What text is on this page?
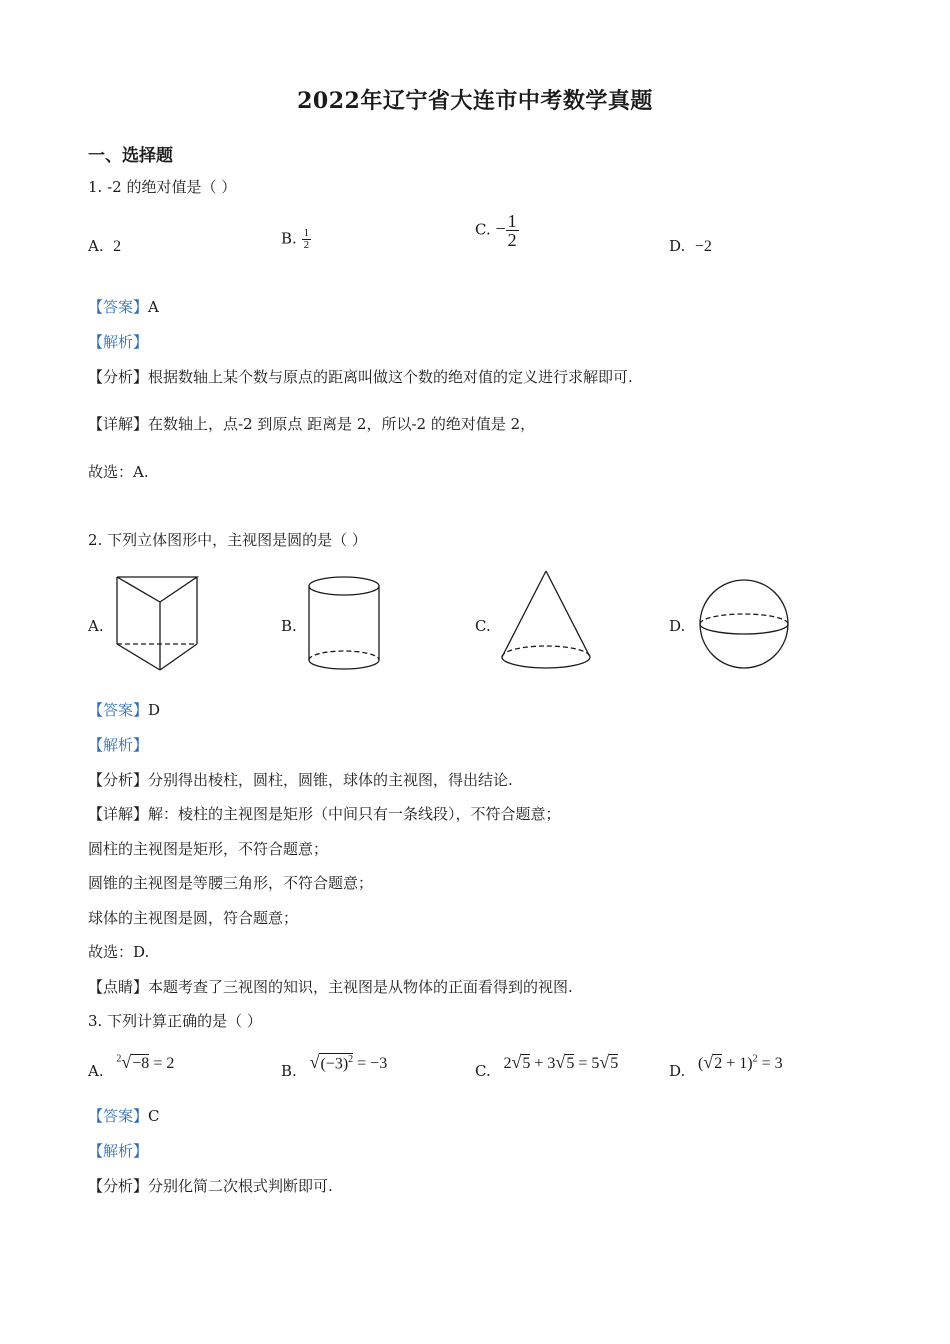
2022年辽宁省大连市中考数学真题
一、选择题
1. -2 的绝对值是（ ）
A. 2	B. $\frac{1}{2}$	C. − $\frac{1}{2}$	D. −2
【答案】A
【解析】
【分析】根据数轴上某个数与原点的距离叫做这个数的绝对值的定义进行求解即可.
【详解】在数轴上，点-2 到原点 距离是 2，所以-2 的绝对值是 2，
故选：A.
2. 下列立体图形中，主视图是圆的是（ ）
A.	B.	C.	D.
【答案】D
【解析】
【分析】分别得出棱柱，圆柱，圆锥，球体的主视图，得出结论.
【详解】解：棱柱的主视图是矩形（中间只有一条线段），不符合题意；
圆柱的主视图是矩形，不符合题意；
圆锥的主视图是等腰三角形，不符合题意；
球体的主视图是圆，符合题意；
故选：D.
【点睛】本题考查了三视图的知识，主视图是从物体的正面看得到的视图.
3. 下列计算正确的是（ ）
A. $^2$√−8 = 2	B. $√(-3)^2 = -3$	C. 2√5 + 3√5 = 5√5	D. $(√2 + 1)^2 = 3$
【答案】C
【解析】
【分析】分别化简二次根式判断即可.
